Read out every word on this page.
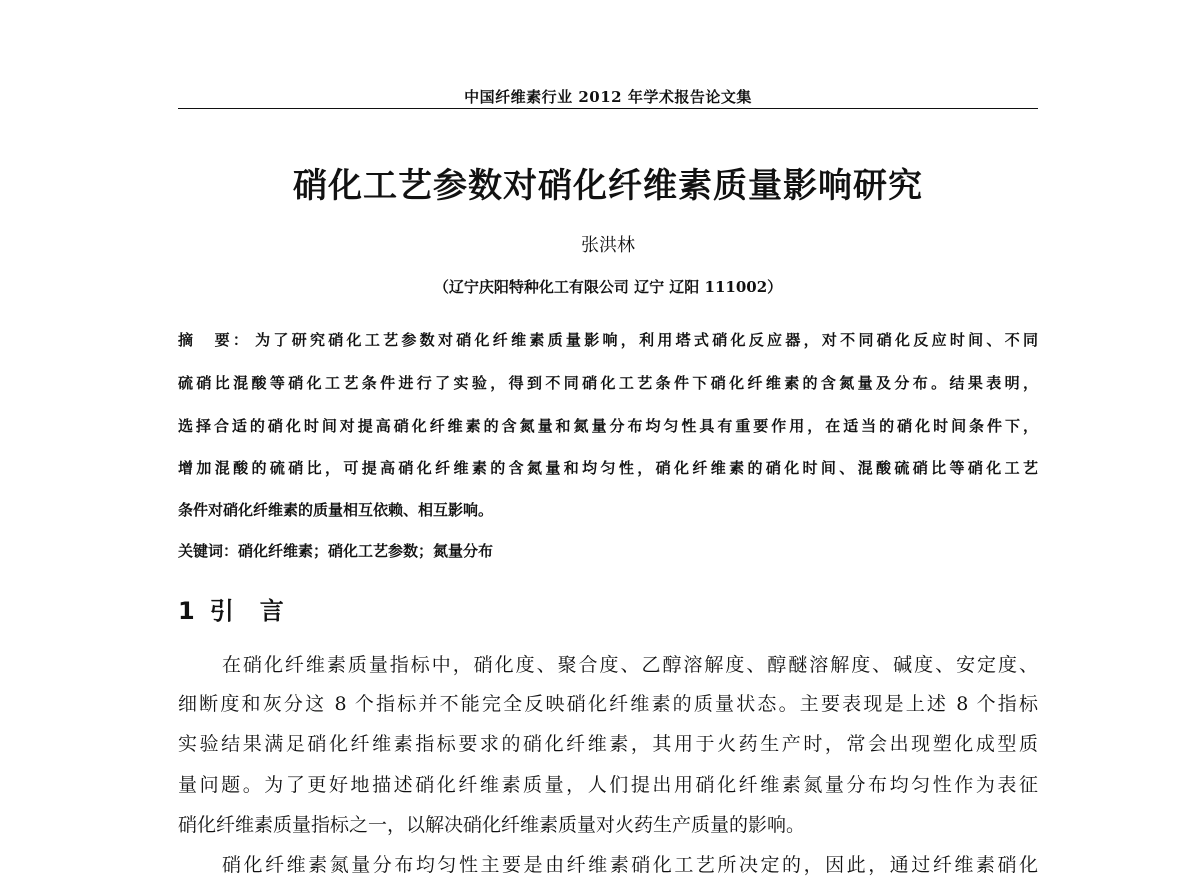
中国纤维素行业 2012 年学术报告论文集
硝化工艺参数对硝化纤维素质量影响研究
张洪林
（辽宁庆阳特种化工有限公司 辽宁 辽阳 111002）
摘　要： 为了研究硝化工艺参数对硝化纤维素质量影响，利用塔式硝化反应器，对不同硝化反应时间、不同
硫硝比混酸等硝化工艺条件进行了实验，得到不同硝化工艺条件下硝化纤维素的含氮量及分布。结果表明，
选择合适的硝化时间对提高硝化纤维素的含氮量和氮量分布均匀性具有重要作用，在适当的硝化时间条件下，
增加混酸的硫硝比，可提高硝化纤维素的含氮量和均匀性，硝化纤维素的硝化时间、混酸硫硝比等硝化工艺
条件对硝化纤维素的质量相互依赖、相互影响。
关键词：硝化纤维素；硝化工艺参数；氮量分布
1 引　言
在硝化纤维素质量指标中，硝化度、聚合度、乙醇溶解度、醇醚溶解度、碱度、安定度、
细断度和灰分这 8 个指标并不能完全反映硝化纤维素的质量状态。主要表现是上述 8 个指标
实验结果满足硝化纤维素指标要求的硝化纤维素，其用于火药生产时，常会出现塑化成型质
量问题。为了更好地描述硝化纤维素质量，人们提出用硝化纤维素氮量分布均匀性作为表征
硝化纤维素质量指标之一，以解决硝化纤维素质量对火药生产质量的影响。
硝化纤维素氮量分布均匀性主要是由纤维素硝化工艺所决定的，因此，通过纤维素硝化
